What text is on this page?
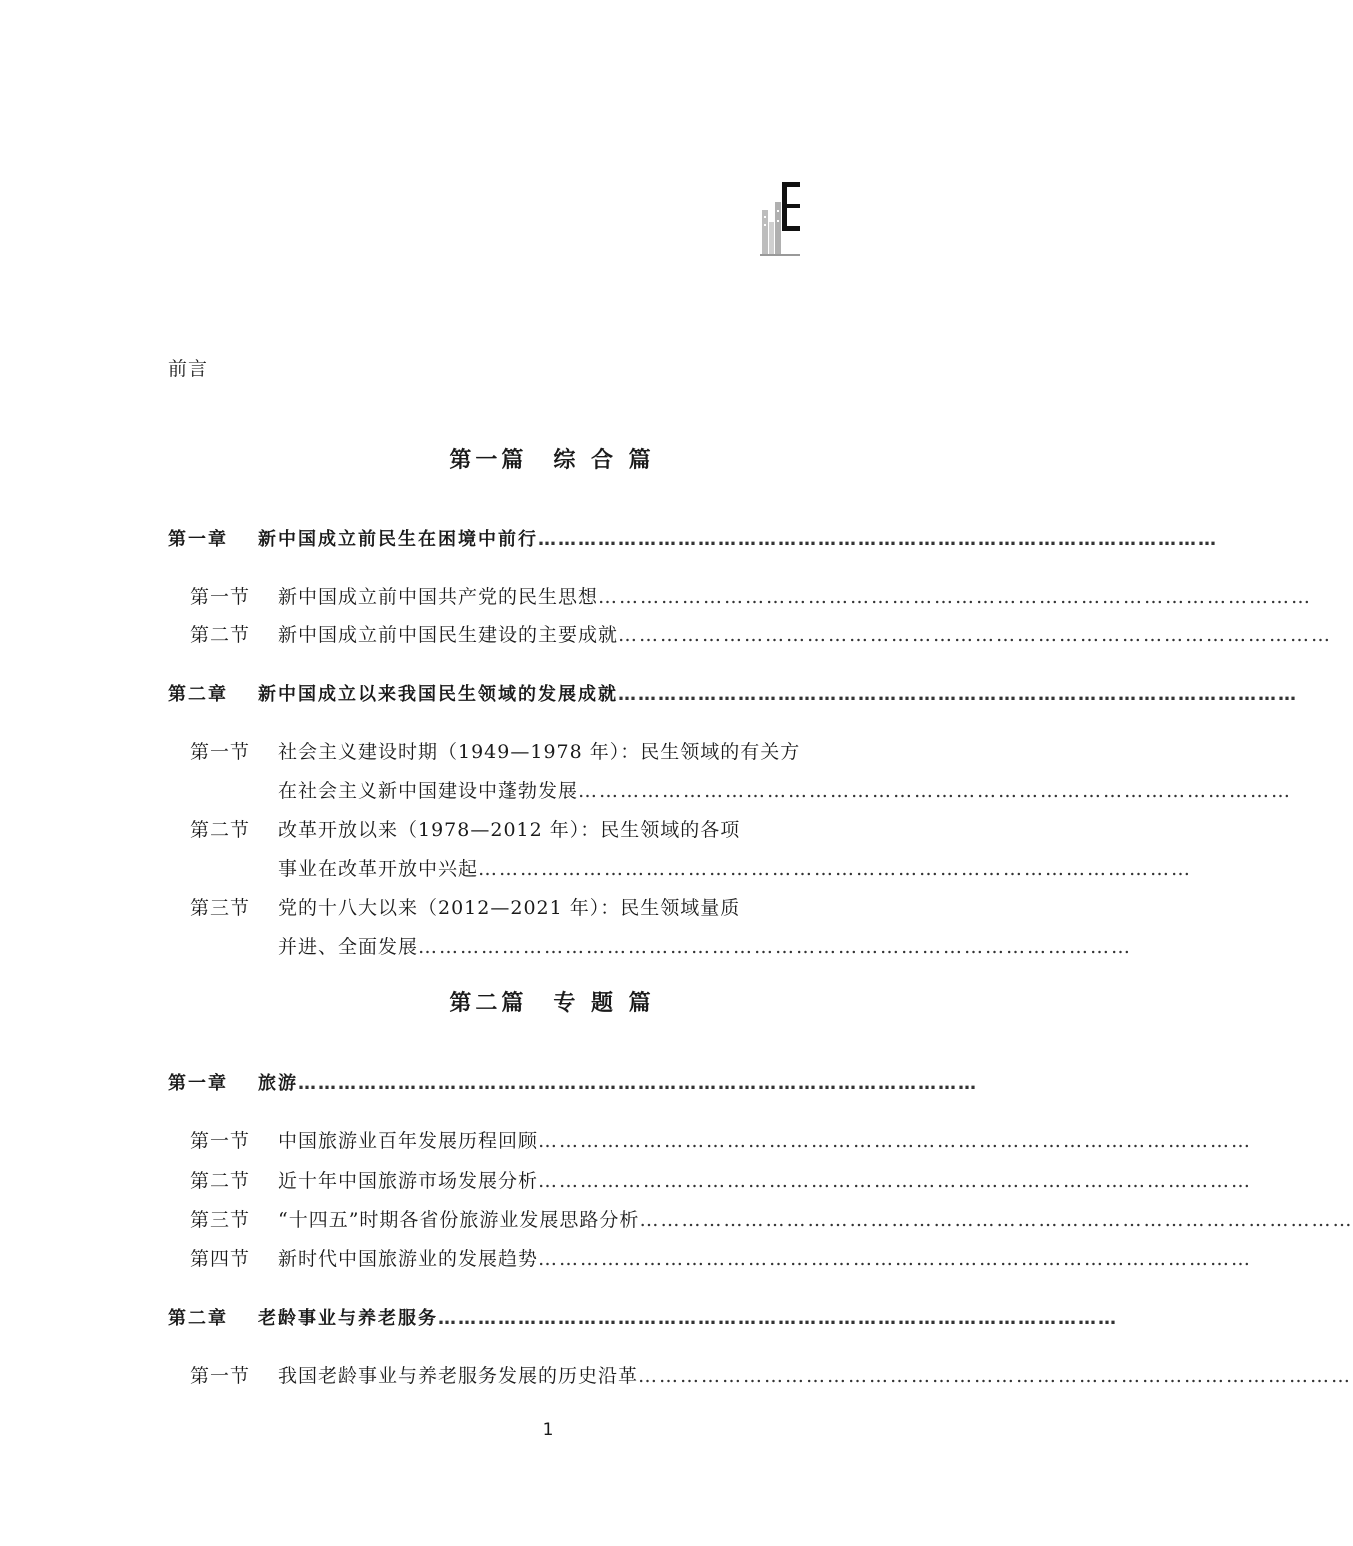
前言
第一篇　综 合 篇
第一章 新中国成立前民生在困境中前行…………………………………………………………………………………………
第一节 新中国成立前中国共产党的民生思想…………………………………………………………………………………………
第二节 新中国成立前中国民生建设的主要成就…………………………………………………………………………………………
第二章 新中国成立以来我国民生领域的发展成就…………………………………………………………………………………………
第一节 社会主义建设时期（1949—1978 年）：民生领域的有关方
在社会主义新中国建设中蓬勃发展…………………………………………………………………………………………
第二节 改革开放以来（1978—2012 年）：民生领域的各项
事业在改革开放中兴起…………………………………………………………………………………………
第三节 党的十八大以来（2012—2021 年）：民生领域量质
并进、全面发展…………………………………………………………………………………………
第二篇　专 题 篇
第一章 旅游…………………………………………………………………………………………
第一节 中国旅游业百年发展历程回顾…………………………………………………………………………………………
第二节 近十年中国旅游市场发展分析…………………………………………………………………………………………
第三节 “十四五”时期各省份旅游业发展思路分析…………………………………………………………………………………………
第四节 新时代中国旅游业的发展趋势…………………………………………………………………………………………
第二章 老龄事业与养老服务…………………………………………………………………………………………
第一节 我国老龄事业与养老服务发展的历史沿革…………………………………………………………………………………………
1
